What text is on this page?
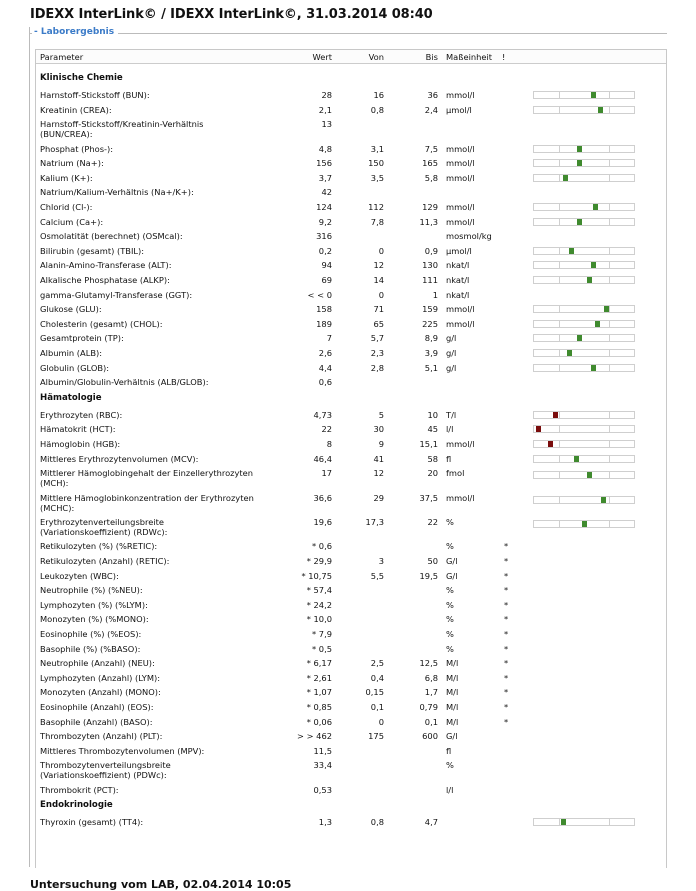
IDEXX InterLink© / IDEXX InterLink©, 31.03.2014 08:40
- Laborergebnis
Parameter	Wert	Von	Bis Maßeinheit !
Klinische Chemie
Harnstoff-Stickstoff (BUN):	28	16	36 mmol/l
Kreatinin (CREA):	2,1	0,8	2,4 µmol/l
Harnstoff-Stickstoff/Kreatinin-Verhältnis
(BUN/CREA):
13
Phosphat (Phos-):	4,8	3,1	7,5 mmol/l
Natrium (Na+):	156	150	165 mmol/l
Kalium (K+):	3,7	3,5	5,8 mmol/l
Natrium/Kalium-Verhältnis (Na+/K+):	42
Chlorid (Cl-):	124	112	129 mmol/l
Calcium (Ca+):	9,2	7,8	11,3 mmol/l
Osmolatität (berechnet) (OSMcal):	316	mosmol/kg
Bilirubin (gesamt) (TBIL):	0,2	0	0,9 µmol/l
Alanin-Amino-Transferase (ALT):	94	12	130 nkat/l
Alkalische Phosphatase (ALKP):	69	14	111 nkat/l
gamma-Glutamyl-Transferase (GGT):	< < 0	0	1 nkat/l
Glukose (GLU):	158	71	159 mmol/l
Cholesterin (gesamt) (CHOL):	189	65	225 mmol/l
Gesamtprotein (TP):	7	5,7	8,9 g/l
Albumin (ALB):	2,6	2,3	3,9 g/l
Globulin (GLOB):	4,4	2,8	5,1 g/l
Albumin/Globulin-Verhältnis (ALB/GLOB):	0,6
Hämatologie
Erythrozyten (RBC):	4,73	5	10 T/l
Hämatokrit (HCT):	22	30	45 l/l
Hämoglobin (HGB):	8	9	15,1 mmol/l
Mittleres Erythrozytenvolumen (MCV):	46,4	41	58 fl
Mittlerer Hämoglobingehalt der Einzellerythrozyten
(MCH):
17	12	20 fmol
Mittlere Hämoglobinkonzentration der Erythrozyten
(MCHC):
36,6	29	37,5 mmol/l
Erythrozytenverteilungsbreite
(Variationskoeffizient) (RDWc):
19,6	17,3	22 %
Retikulozyten (%) (%RETIC):	* 0,6	%	*
Retikulozyten (Anzahl) (RETIC):	* 29,9	3	50 G/l	*
Leukozyten (WBC):	* 10,75	5,5	19,5 G/l	*
Neutrophile (%) (%NEU):	* 57,4	%	*
Lymphozyten (%) (%LYM):	* 24,2	%	*
Monozyten (%) (%MONO):	* 10,0	%	*
Eosinophile (%) (%EOS):	* 7,9	%	*
Basophile (%) (%BASO):	* 0,5	%	*
Neutrophile (Anzahl) (NEU):	* 6,17	2,5	12,5 M/l	*
Lymphozyten (Anzahl) (LYM):	* 2,61	0,4	6,8 M/l	*
Monozyten (Anzahl) (MONO):	* 1,07	0,15	1,7 M/l	*
Eosinophile (Anzahl) (EOS):	* 0,85	0,1	0,79 M/l	*
Basophile (Anzahl) (BASO):	* 0,06	0	0,1 M/l	*
Thrombozyten (Anzahl) (PLT):	> > 462	175	600 G/l
Mittleres Thrombozytenvolumen (MPV):	11,5	fl
Thrombozytenverteilungsbreite
(Variationskoeffizient) (PDWc):
33,4	%
Thrombokrit (PCT):	0,53	l/l
Endokrinologie
Thyroxin (gesamt) (TT4):	1,3	0,8	4,7
Untersuchung vom LAB, 02.04.2014 10:05
